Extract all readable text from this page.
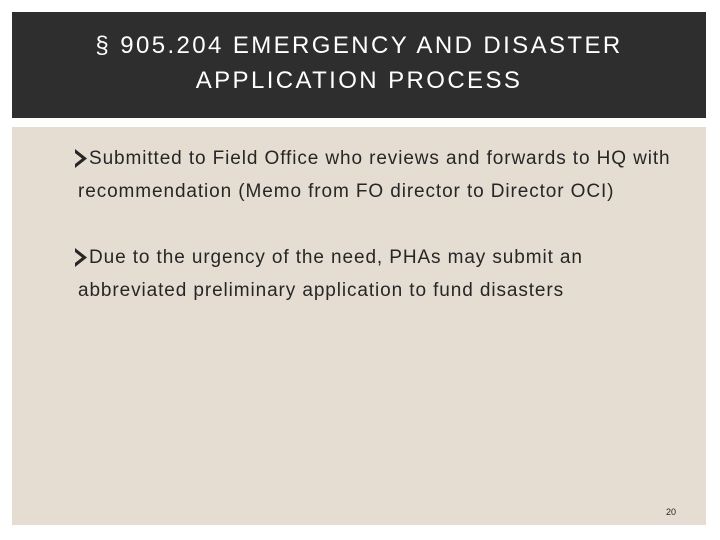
§ 905.204 EMERGENCY AND DISASTER APPLICATION PROCESS
Submitted to Field Office who reviews and forwards to HQ with recommendation (Memo from FO director to Director OCI)
Due to the urgency of the need, PHAs may submit an abbreviated preliminary application to fund disasters
20
